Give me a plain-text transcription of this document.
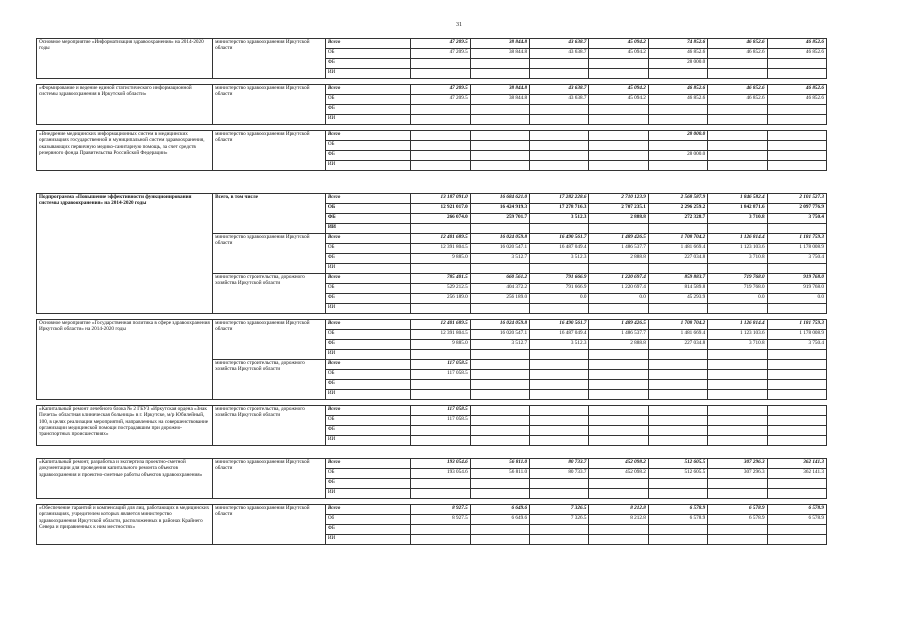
31
Основное мероприятие «Информатизация здравоохранения» на 2014-2020 годы	министерство здравоохранения Иркутской области	Всего	47 209.5	38 844.8	43 638.7	45 094.2	74 852.6	46 852.6	46 852.6
		ОБ	47 209.5	38 844.8	43 638.7	45 094.2	46 852.6	46 852.6	46 852.6
		ФБ					28 000.0		
		ИИ							

«Формирование и ведение единой статистического информационной системы здравоохранения в Иркутской области»	министерство здравоохранения Иркутской области	Всего	47 209.5	38 844.8	43 638.7	45 094.2	46 852.6	46 852.6	46 852.6
		ОБ	47 209.5	38 844.8	43 638.7	45 094.2	46 852.6	46 852.6	46 852.6
		ФБ							
		ИИ							

«Внедрение медицинских информационных систем в медицинских организациях государственной и муниципальной систем здравоохранения, оказывающих первичную медико-санитарную помощь, за счет средств резервного фонда Правительства Российской Федерации»	министерство здравоохранения Иркутской области	Всего					28 000.0		
		ОБ							
		ФБ					28 000.0		
		ИИ							

Подпрограмма «Повышение эффективности функционирования системы здравоохранения» на 2014-2020 годы	Всего, в том числе	Всего	13 187 091.0	16 684 621.0	17 282 228.6	2 710 123.9	2 568 587.9	1 846 582.4	2 101 527.3
		ОБ	12 921 017.0	16 424 919.3	17 278 716.3	2 707 235.1	2 296 259.2	1 842 871.6	2 097 776.9
		ФБ	266 074.0	259 701.7	3 512.3	2 888.8	272 328.7	3 710.8	3 750.4
		ИИ							
	министерство здравоохранения Иркутской области	Всего	12 401 689.5	16 024 059.8	16 490 561.7	1 489 426.5	1 708 704.2	1 126 814.4	1 181 759.3
		ОБ	12 391 804.5	16 020 547.1	16 487 049.4	1 486 537.7	1 481 669.4	1 123 103.6	1 178 008.9
		ФБ	9 885.0	3 512.7	3 512.3	2 888.8	227 034.8	3 710.8	3 750.4
		ИИ							
	министерство строительства, дорожного хозяйства Иркутской области	Всего	785 401.5	660 561.2	791 666.9	1 220 697.4	859 883.7	719 768.0	919 768.0
		ОБ	529 212.5	404 372.2	791 666.9	1 220 697.4	814 589.8	719 768.0	919 768.0
		ФБ	256 189.0	256 189.0	0.0	0.0	45 293.9	0.0	0.0
		ИИ							

Основное мероприятие «Государственная политика в сфере здравоохранения Иркутской области» на 2014-2020 годы	министерство здравоохранения Иркутской области	Всего	12 401 689.5	16 024 059.8	16 490 561.7	1 489 426.5	1 708 704.2	1 126 814.4	1 181 759.3
		ОБ	12 391 804.5	16 020 547.1	16 487 049.4	1 486 537.7	1 481 669.4	1 123 103.6	1 178 008.9
		ФБ	9 885.0	3 512.7	3 512.3	2 888.8	227 034.8	3 710.8	3 750.4
		ИИ							
	министерство строительства, дорожного хозяйства Иркутской области	Всего	117 058.5						
		ОБ	117 058.5						
		ФБ							
		ИИ							

«Капитальный ремонт лечебного блока № 2 ГБУЗ «Иркутская ордена «Знак Почета» областная клиническая больница» в г. Иркутске, м/р Юбилейный, 100, в целях реализации мероприятий, направленных на совершенствование организации медицинской помощи пострадавшим при дорожно-транспортных происшествиях»	министерство строительства, дорожного хозяйства Иркутской области	Всего	117 058.5						
		ОБ	117 058.5						
		ФБ							
		ИИ							

«Капитальный ремонт, разработка и экспертиза проектно-сметной документации для проведения капитального ремонта объектов здравоохранения и проектно-сметные работы объектов здравоохранения»	министерство здравоохранения Иркутской области	Всего	193 054.6	56 811.0	80 733.7	452 098.2	512 605.5	307 296.3	362 141.3
		ОБ	193 054.6	56 811.0	80 733.7	452 098.2	512 605.5	307 296.3	362 141.3
		ФБ							
		ИИ							

«Обеспечение гарантий и компенсаций для лиц, работающих в медицинских организациях, учредителем которых является министерство здравоохранения Иркутской области, расположенных в районах Крайнего Севера и приравненных к ним местностях»	министерство здравоохранения Иркутской области	Всего	8 927.5	6 649.6	7 326.5	8 212.8	6 578.9	6 578.9	6 578.9
		Об	8 927.5	6 649.6	7 326.5	8 212.8	6 578.9	6 578.9	6 578.9
		ФБ							
		ИИ							
